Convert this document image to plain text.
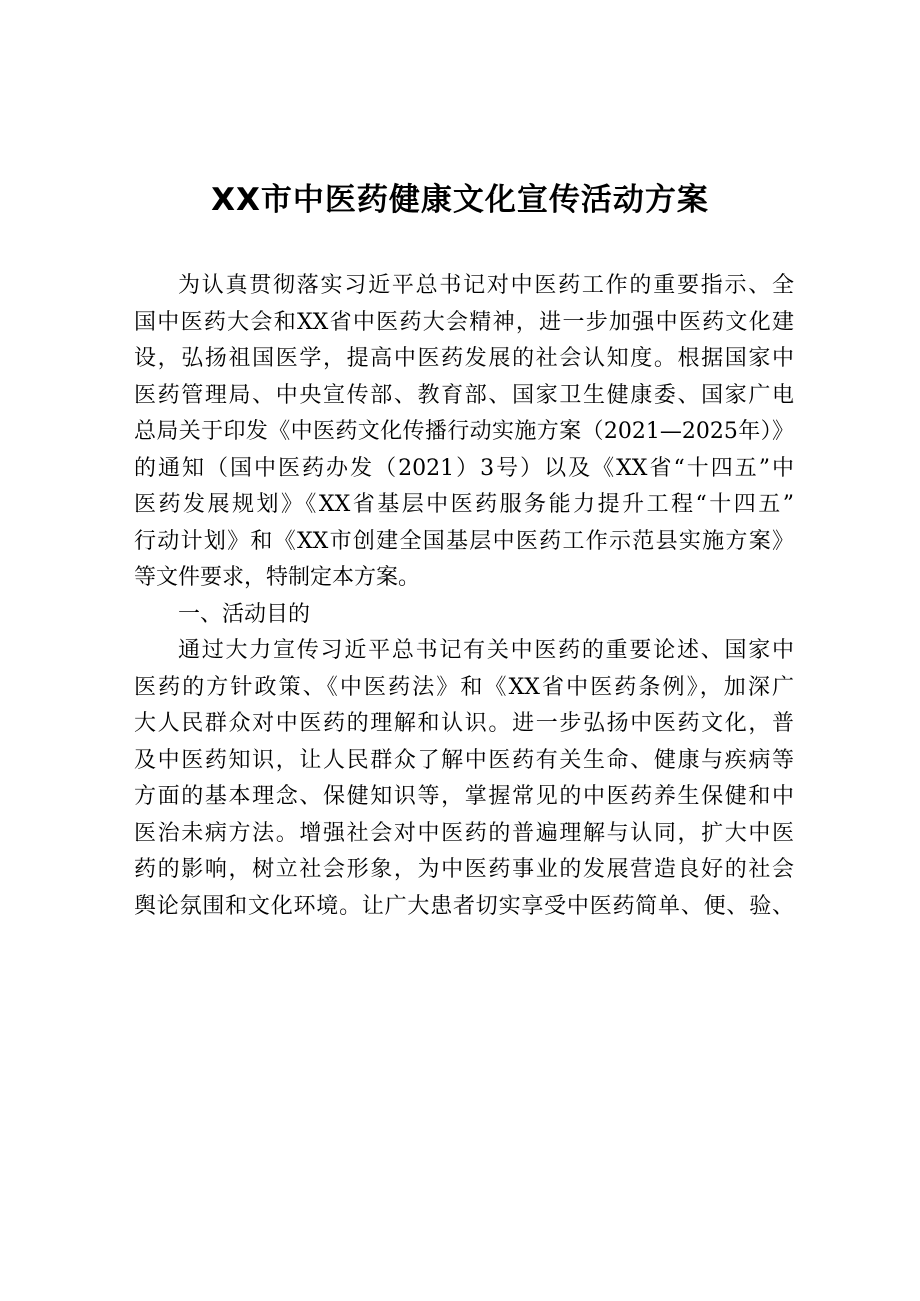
XX市中医药健康文化宣传活动方案
为认真贯彻落实习近平总书记对中医药工作的重要指示、全
国中医药大会和XX省中医药大会精神，进一步加强中医药文化建
设，弘扬祖国医学，提高中医药发展的社会认知度。根据国家中
医药管理局、中央宣传部、教育部、国家卫生健康委、国家广电
总局关于印发《中医药文化传播行动实施方案（2021—2025年）》
的通知（国中医药办发（2021）3号）以及《XX省“十四五”中
医药发展规划》《XX省基层中医药服务能力提升工程“十四五”
行动计划》和《XX市创建全国基层中医药工作示范县实施方案》
等文件要求，特制定本方案。
一、活动目的
通过大力宣传习近平总书记有关中医药的重要论述、国家中
医药的方针政策、《中医药法》和《XX省中医药条例》，加深广
大人民群众对中医药的理解和认识。进一步弘扬中医药文化，普
及中医药知识，让人民群众了解中医药有关生命、健康与疾病等
方面的基本理念、保健知识等，掌握常见的中医药养生保健和中
医治未病方法。增强社会对中医药的普遍理解与认同，扩大中医
药的影响，树立社会形象，为中医药事业的发展营造良好的社会
舆论氛围和文化环境。让广大患者切实享受中医药简单、便、验、
